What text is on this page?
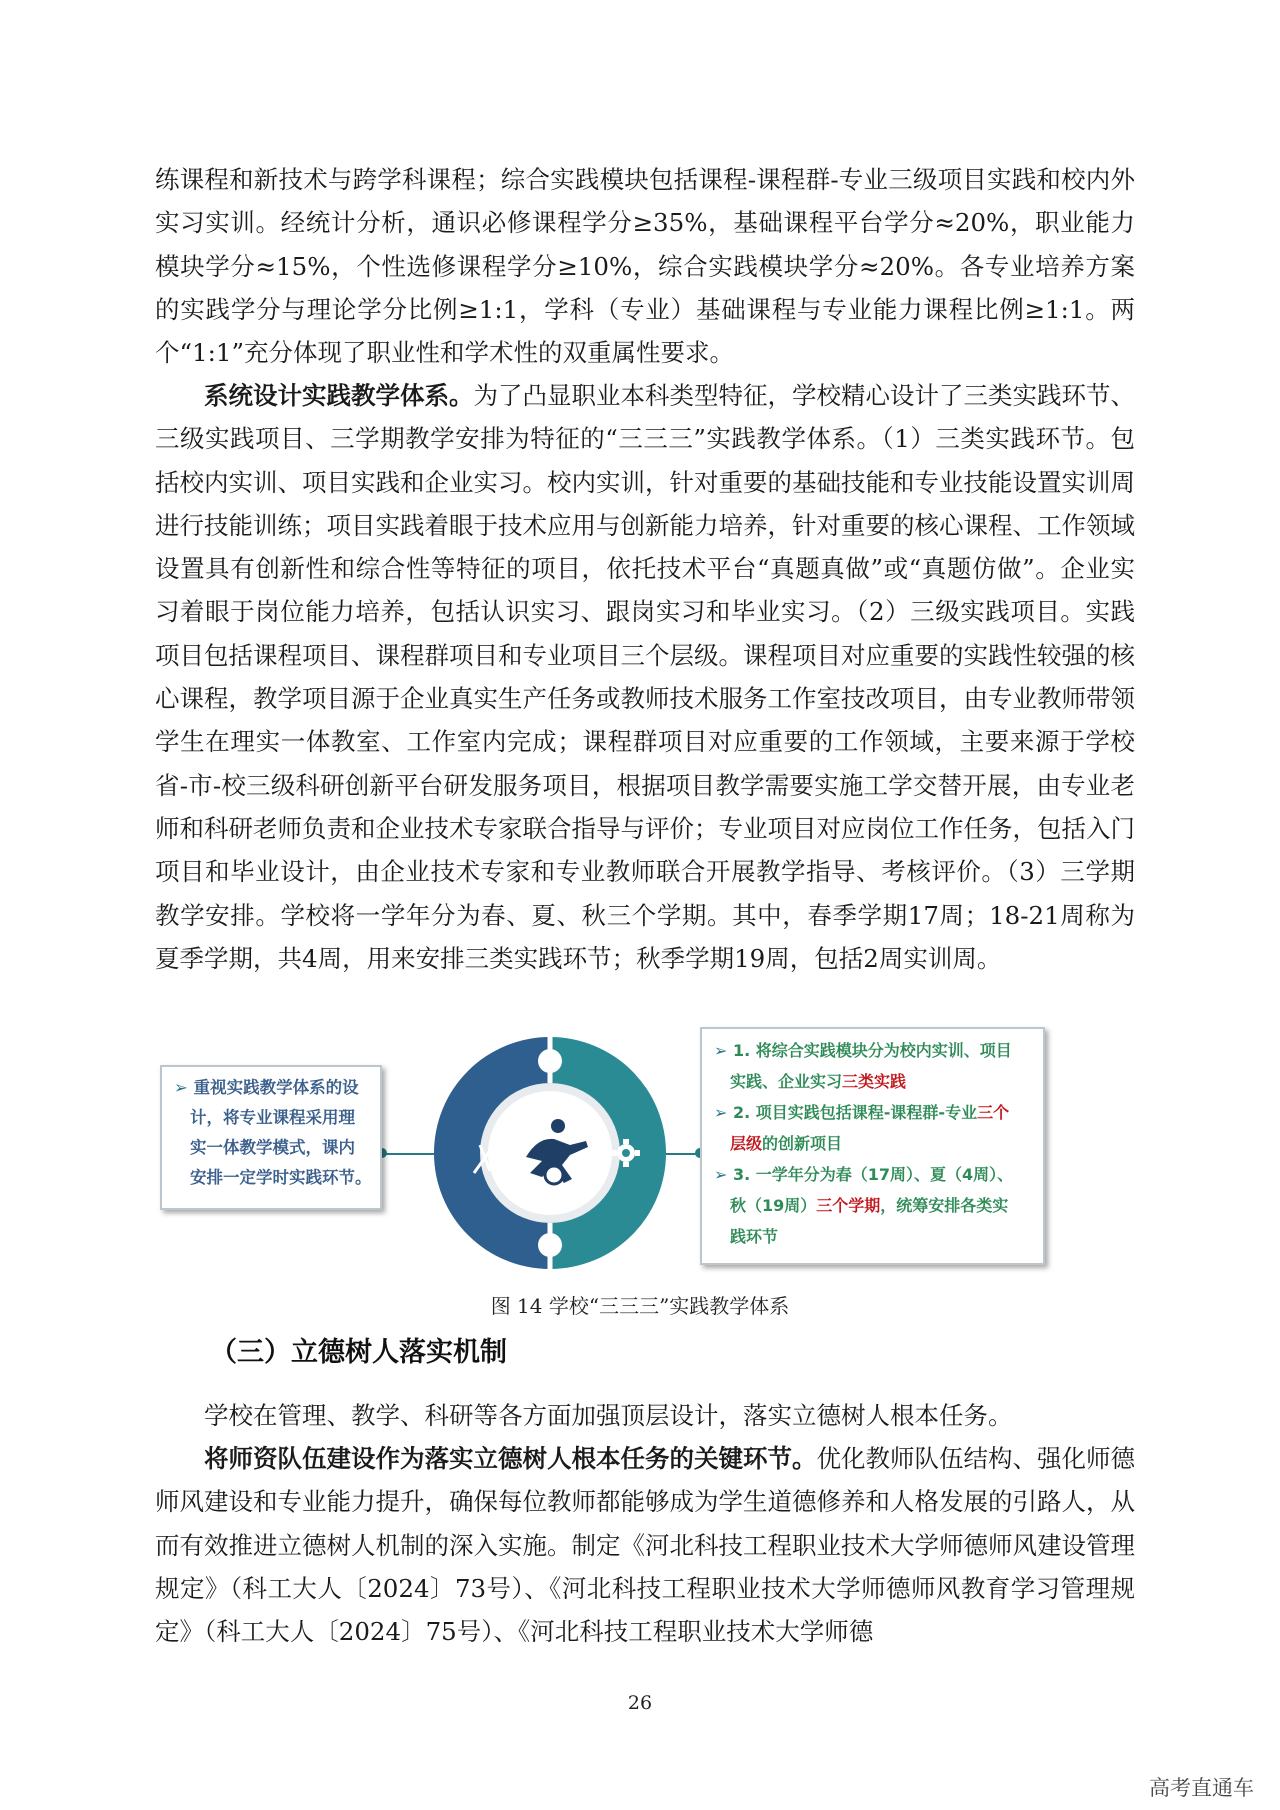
练课程和新技术与跨学科课程；综合实践模块包括课程-课程群-专业三级项目实践和校内外实习实训。经统计分析，通识必修课程学分≥35%，基础课程平台学分≈20%，职业能力模块学分≈15%，个性选修课程学分≥10%，综合实践模块学分≈20%。各专业培养方案的实践学分与理论学分比例≥1:1，学科（专业）基础课程与专业能力课程比例≥1:1。两个“1:1”充分体现了职业性和学术性的双重属性要求。

系统设计实践教学体系。为了凸显职业本科类型特征，学校精心设计了三类实践环节、三级实践项目、三学期教学安排为特征的“三三三”实践教学体系。（1）三类实践环节。包括校内实训、项目实践和企业实习。校内实训，针对重要的基础技能和专业技能设置实训周进行技能训练；项目实践着眼于技术应用与创新能力培养，针对重要的核心课程、工作领域设置具有创新性和综合性等特征的项目，依托技术平台“真题真做”或“真题仿做”。企业实习着眼于岗位能力培养，包括认识实习、跟岗实习和毕业实习。（2）三级实践项目。实践项目包括课程项目、课程群项目和专业项目三个层级。课程项目对应重要的实践性较强的核心课程，教学项目源于企业真实生产任务或教师技术服务工作室技改项目，由专业教师带领学生在理实一体教室、工作室内完成；课程群项目对应重要的工作领域，主要来源于学校省-市-校三级科研创新平台研发服务项目，根据项目教学需要实施工学交替开展，由专业老师和科研老师负责和企业技术专家联合指导与评价；专业项目对应岗位工作任务，包括入门项目和毕业设计，由企业技术专家和专业教师联合开展教学指导、考核评价。（3）三学期教学安排。学校将一学年分为春、夏、秋三个学期。其中，春季学期17周；18-21周称为夏季学期，共4周，用来安排三类实践环节；秋季学期19周，包括2周实训周。

➢ 重视实践教学体系的设
计，将专业课程采用理
实一体教学模式，课内
安排一定学时实践环节。
➢ 1. 将综合实践模块分为校内实训、项目
实践、企业实习三类实践
➢ 2. 项目实践包括课程-课程群-专业三个
层级的创新项目
➢ 3. 一学年分为春（17周）、夏（4周）、
秋（19周）三个学期，统筹安排各类实
践环节
图 14 学校“三三三”实践教学体系
（三）立德树人落实机制

学校在管理、教学、科研等各方面加强顶层设计，落实立德树人根本任务。

将师资队伍建设作为落实立德树人根本任务的关键环节。优化教师队伍结构、强化师德师风建设和专业能力提升，确保每位教师都能够成为学生道德修养和人格发展的引路人，从而有效推进立德树人机制的深入实施。制定《河北科技工程职业技术大学师德师风建设管理规定》（科工大人〔2024〕73号）、《河北科技工程职业技术大学师德师风教育学习管理规定》（科工大人〔2024〕75号）、《河北科技工程职业技术大学师德

26
高考直通车
